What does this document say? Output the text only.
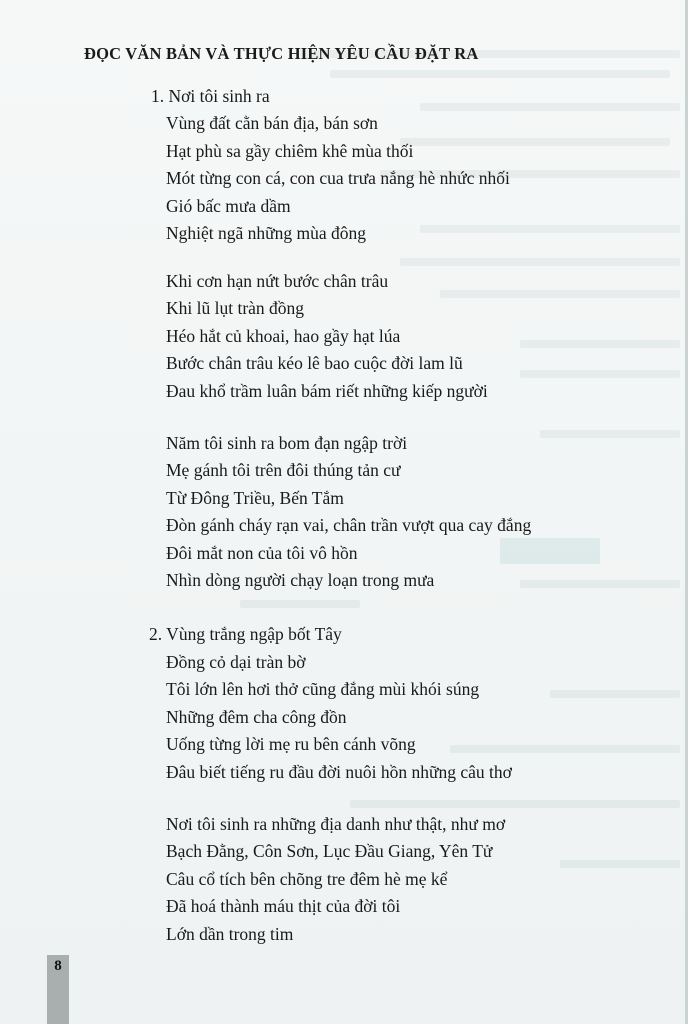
ĐỌC VĂN BẢN VÀ THỰC HIỆN YÊU CẦU ĐẶT RA
1. Nơi tôi sinh ra
Vùng đất cằn bán địa, bán sơn
Hạt phù sa gầy chiêm khê mùa thối
Mót từng con cá, con cua trưa nắng hè nhức nhối
Gió bấc mưa dầm
Nghiệt ngã những mùa đông
Khi cơn hạn nứt bước chân trâu
Khi lũ lụt tràn đồng
Héo hắt củ khoai, hao gầy hạt lúa
Bước chân trâu kéo lê bao cuộc đời lam lũ
Đau khổ trầm luân bám riết những kiếp người
Năm tôi sinh ra bom đạn ngập trời
Mẹ gánh tôi trên đôi thúng tản cư
Từ Đông Triều, Bến Tắm
Đòn gánh cháy rạn vai, chân trần vượt qua cay đắng
Đôi mắt non của tôi vô hồn
Nhìn dòng người chạy loạn trong mưa
2. Vùng trắng ngập bốt Tây
Đồng cỏ dại tràn bờ
Tôi lớn lên hơi thở cũng đắng mùi khói súng
Những đêm cha công đồn
Uống từng lời mẹ ru bên cánh võng
Đâu biết tiếng ru đầu đời nuôi hồn những câu thơ
Nơi tôi sinh ra những địa danh như thật, như mơ
Bạch Đằng, Côn Sơn, Lục Đầu Giang, Yên Tử
Câu cổ tích bên chõng tre đêm hè mẹ kể
Đã hoá thành máu thịt của đời tôi
Lớn dần trong tim
8
